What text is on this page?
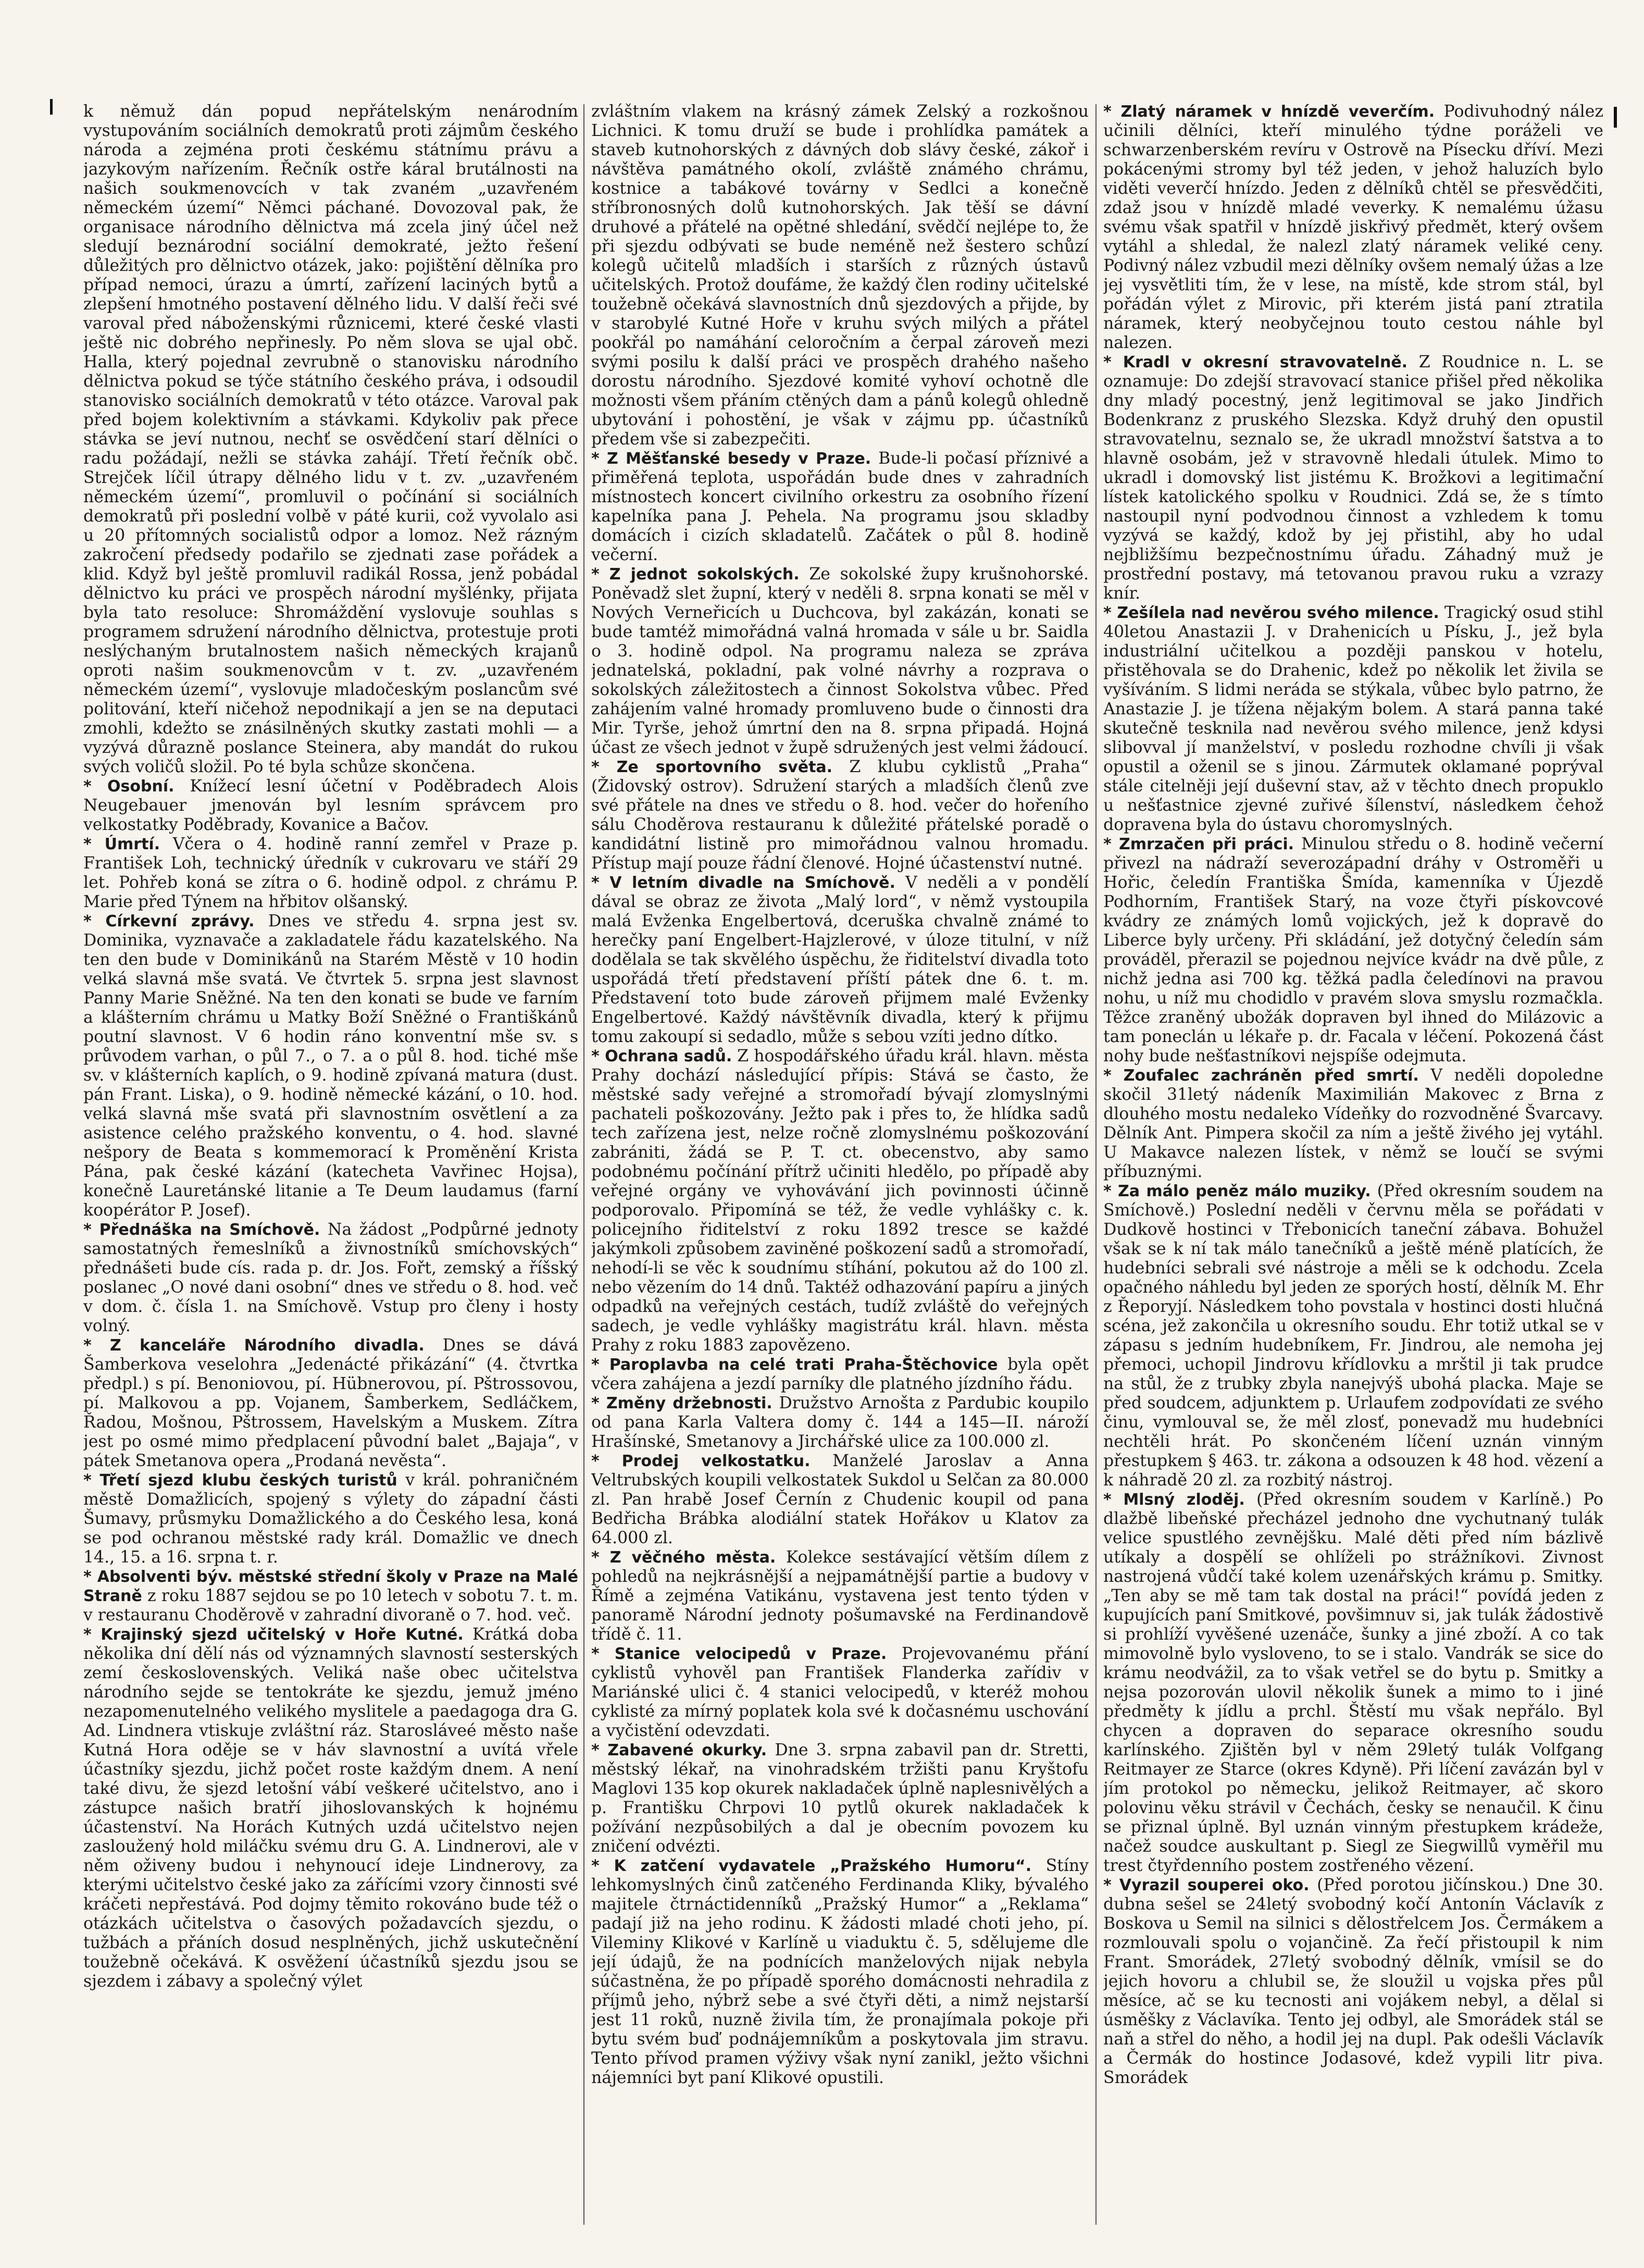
k němuž dán popud nepřátelským nenárodním vystupováním sociálních demokratů proti zájmům českého národa a zejména proti českému státnímu právu a jazykovým nařízením. Řečník ostře káral brutálnosti na našich soukmenovcích v tak zvaném „uzavřeném německém území“ Němci páchané. Dovozoval pak, že organisace národního dělnictva má zcela jiný účel než sledují beznárodní sociální demokraté, ježto řešení důležitých pro dělnictvo otázek, jako: pojištění dělníka pro případ nemoci, úrazu a úmrtí, zařízení laciných bytů a zlepšení hmotného postavení dělného lidu. V další řeči své varoval před náboženskými různicemi, které české vlasti ještě nic dobrého nepřinesly. Po něm slova se ujal obč. Halla, který pojednal zevrubně o stanovisku národního dělnictva pokud se týče státního českého práva, i odsoudil stanovisko sociálních demokratů v této otázce. Varoval pak před bojem kolektivním a stávkami. Kdykoliv pak přece stávka se jeví nutnou, nechť se osvědčení starí dělníci o radu požádají, nežli se stávka zahájí. Třetí řečník obč. Strejček líčil útrapy dělného lidu v t. zv. „uzavřeném německém území“, promluvil o počínání si sociálních demokratů při poslední volbě v páté kurii, což vyvolalo asi u 20 přítomných socialistů odpor a lomoz. Než rázným zakročení předsedy podařilo se zjednati zase pořádek a klid. Když byl ještě promluvil radikál Rossa, jenž pobádal dělnictvo ku práci ve prospěch národní myšlénky, přijata byla tato resoluce: Shromáždění vyslovuje souhlas s programem sdružení národního dělnictva, protestuje proti neslýchaným brutalnostem našich německých krajanů oproti našim soukmenovcům v t. zv. „uzavřeném německém území“, vyslovuje mladočeským poslancům své politování, kteří ničehož nepodnikají a jen se na deputaci zmohli, kdežto se znásilněných skutky zastati mohli — a vyzývá důrazně poslance Steinera, aby mandát do rukou svých voličů složil. Po té byla schůze skončena.

* Osobní. Knížecí lesní účetní v Poděbradech Alois Neugebauer jmenován byl lesním správcem pro velkostatky Poděbrady, Kovanice a Bačov.

* Úmrtí. Včera o 4. hodině ranní zemřel v Praze p. František Loh, technický úředník v cukrovaru ve stáří 29 let. Pohřeb koná se zítra o 6. hodině odpol. z chrámu P. Marie před Týnem na hřbitov olšanský.

* Církevní zprávy. Dnes ve středu 4. srpna jest sv. Dominika, vyznavače a zakladatele řádu kazatelského. Na ten den bude v Dominikánů na Starém Městě v 10 hodin velká slavná mše svatá. Ve čtvrtek 5. srpna jest slavnost Panny Marie Sněžné. Na ten den konati se bude ve farním a klášterním chrámu u Matky Boží Sněžné o Františkánů poutní slavnost. V 6 hodin ráno konventní mše sv. s průvodem varhan, o půl 7., o 7. a o půl 8. hod. tiché mše sv. v klášterních kaplích, o 9. hodině zpívaná matura (dust. pán Frant. Liska), o 9. hodině německé kázání, o 10. hod. velká slavná mše svatá při slavnostním osvětlení a za asistence celého pražského konventu, o 4. hod. slavné nešpory de Beata s kommemorací k Proměnění Krista Pána, pak české kázání (katecheta Vavřinec Hojsa), konečně Lauretánské litanie a Te Deum laudamus (farní koopérátor P. Josef).

* Přednáška na Smíchově. Na žádost „Podpůrné jednoty samostatných řemeslníků a živnostníků smíchovských“ přednášeti bude cís. rada p. dr. Jos. Fořt, zemský a říšský poslanec „O nové dani osobní“ dnes ve středu o 8. hod. več v dom. č. čísla 1. na Smíchově. Vstup pro členy i hosty volný.

* Z kanceláře Národního divadla. Dnes se dává Šamberkova veselohra „Jedenácté přikázání“ (4. čtvrtka předpl.) s pí. Benoniovou, pí. Hübnerovou, pí. Pštrossovou, pí. Malkovou a pp. Vojanem, Šamberkem, Sedláčkem, Řadou, Mošnou, Pštrossem, Havelským a Muskem. Zítra jest po osmé mimo předplacení původní balet „Bajaja“, v pátek Smetanova opera „Prodaná nevěsta“.

* Třetí sjezd klubu českých turistů v král. pohraničném městě Domažlicích, spojený s výlety do západní části Šumavy, průsmyku Domažlického a do Českého lesa, koná se pod ochranou městské rady král. Domažlic ve dnech 14., 15. a 16. srpna t. r.

* Absolventi býv. městské střední školy v Praze na Malé Straně z roku 1887 sejdou se po 10 letech v sobotu 7. t. m. v restauranu Choděrově v zahradní divoraně o 7. hod. več.

* Krajinský sjezd učitelský v Hoře Kutné. Krátká doba několika dní dělí nás od významných slavností sesterských zemí československých. Veliká naše obec učitelstva národního sejde se tentokráte ke sjezdu, jemuž jméno nezapomenutelného velikého myslitele a paedagoga dra G. Ad. Lindnera vtiskuje zvláštní ráz. Starosláveé město naše Kutná Hora oděje se v háv slavnostní a uvítá vřele účastníky sjezdu, jichž počet roste každým dnem. A není také divu, že sjezd letošní vábí veškeré učitelstvo, ano i zástupce našich bratří jihoslovanských k hojnému účastenství. Na Horách Kutných uzdá učitelstvo nejen zasloužený hold miláčku svému dru G. A. Lindnerovi, ale v něm oživeny budou i nehynoucí ideje Lindnerovy, za kterými učitelstvo české jako za zářícími vzory činnosti své kráčeti nepřestává. Pod dojmy těmito rokováno bude též o otázkách učitelstva o časových požadavcích sjezdu, o tužbách a přáních dosud nesplněných, jichž uskutečnění toužebně očekává. K osvěžení účastníků sjezdu jsou se sjezdem i zábavy a společný výlet

zvláštním vlakem na krásný zámek Zelský a rozkošnou Lichnici. K tomu druží se bude i prohlídka památek a staveb kutnohorských z dávných dob slávy české, zákoř i návštěva památného okolí, zvláště známého chrámu, kostnice a tabákové továrny v Sedlci a konečně stříbronosných dolů kutnohorských. Jak těší se dávní druhové a přátelé na opětné shledání, svědčí nejlépe to, že při sjezdu odbývati se bude neméně než šestero schůzí kolegů učitelů mladších i starších z různých ústavů učitelských. Protož doufáme, že každý člen rodiny učitelské toužebně očekává slavnostních dnů sjezdových a přijde, by v starobylé Kutné Hoře v kruhu svých milých a přátel pookřál po namáhání celoročním a čerpal zároveň mezi svými posilu k další práci ve prospěch drahého našeho dorostu národního. Sjezdové komité vyhoví ochotně dle možnosti všem přáním ctěných dam a pánů kolegů ohledně ubytování i pohostění, je však v zájmu pp. účastníků předem vše si zabezpečiti.

* Z Měšťanské besedy v Praze. Bude-li počasí příznivé a přiměřená teplota, uspořádán bude dnes v zahradních místnostech koncert civilního orkestru za osobního řízení kapelníka pana J. Pehela. Na programu jsou skladby domácích i cizích skladatelů. Začátek o půl 8. hodině večerní.

* Z jednot sokolských. Ze sokolské župy krušnohorské. Poněvadž slet župní, který v neděli 8. srpna konati se měl v Nových Verneřicích u Duchcova, byl zakázán, konati se bude tamtéž mimořádná valná hromada v sále u br. Saidla o 3. hodině odpol. Na programu naleza se zpráva jednatelská, pokladní, pak volné návrhy a rozprava o sokolských záležitostech a činnost Sokolstva vůbec. Před zahájením valné hromady promluveno bude o činnosti dra Mir. Tyrše, jehož úmrtní den na 8. srpna připadá. Hojná účast ze všech jednot v župě sdružených jest velmi žádoucí.

* Ze sportovního světa. Z klubu cyklistů „Praha“ (Židovský ostrov). Sdružení starých a mladších členů zve své přátele na dnes ve středu o 8. hod. večer do hořeního sálu Choděrova restauranu k důležité přátelské poradě o kandidátní listině pro mimořádnou valnou hromadu. Přístup mají pouze řádní členové. Hojné účastenství nutné.

* V letním divadle na Smíchově. V neděli a v pondělí dával se obraz ze života „Malý lord“, v němž vystoupila malá Evženka Engelbertová, dceruška chvalně známé to herečky paní Engelbert-Hajzlerové, v úloze titulní, v níž dodělala se tak skvělého úspěchu, že řiditelství divadla toto uspořádá třetí představení příští pátek dne 6. t. m. Představení toto bude zároveň přijmem malé Evženky Engelbertové. Každý návštěvník divadla, který k přijmu tomu zakoupí si sedadlo, může s sebou vzíti jedno dítko.

* Ochrana sadů. Z hospodářského úřadu král. hlavn. města Prahy dochází následující přípis: Stává se často, že městské sady veřejné a stromořadí bývají zlomyslnými pachateli poškozovány. Ježto pak i přes to, že hlídka sadů tech zařízena jest, nelze ročně zlomyslnému poškozování zabrániti, žádá se P. T. ct. obecenstvo, aby samo podobnému počínání přítrž učiniti hledělo, po případě aby veřejné orgány ve vyhovávání jich povinnosti účinně podporovalo. Připomíná se též, že vedle vyhlášky c. k. policejního řiditelství z roku 1892 tresce se každé jakýmkoli způsobem zaviněné poškození sadů a stromořadí, nehodí-li se věc k soudnímu stíhání, pokutou až do 100 zl. nebo vězením do 14 dnů. Taktéž odhazování papíru a jiných odpadků na veřejných cestách, tudíž zvláště do veřejných sadech, je vedle vyhlášky magistrátu král. hlavn. města Prahy z roku 1883 zapovězeno.

* Paroplavba na celé trati Praha-Štěchovice byla opět včera zahájena a jezdí parníky dle platného jízdního řádu.

* Změny držebnosti. Družstvo Arnošta z Pardubic koupilo od pana Karla Valtera domy č. 144 a 145—II. nároží Hrašínské, Smetanovy a Jirchářské ulice za 100.000 zl.

* Prodej velkostatku. Manželé Jaroslav a Anna Veltrubských koupili velkostatek Sukdol u Selčan za 80.000 zl. Pan hrabě Josef Černín z Chudenic koupil od pana Bedřicha Brábka alodiální statek Hořákov u Klatov za 64.000 zl.

* Z věčného města. Kolekce sestávající větším dílem z pohledů na nejkrásnější a nejpamátnější partie a budovy v Římě a zejména Vatikánu, vystavena jest tento týden v panoramě Národní jednoty pošumavské na Ferdinandově třídě č. 11.

* Stanice velocipedů v Praze. Projevovanému přání cyklistů vyhověl pan František Flanderka zařídiv v Mariánské ulici č. 4 stanici velocipedů, v kteréž mohou cyklisté za mírný poplatek kola své k dočasnému uschování a vyčistění odevzdati.

* Zabavené okurky. Dne 3. srpna zabavil pan dr. Stretti, městský lékař, na vinohradském tržišti panu Kryštofu Maglovi 135 kop okurek nakladaček úplně naplesnivělých a p. Františku Chrpovi 10 pytlů okurek nakladaček k požívání nezpůsobilých a dal je obecním povozem ku zničení odvézti.

* K zatčení vydavatele „Pražského Humoru“. Stíny lehkomyslných činů zatčeného Ferdinanda Kliky, bývalého majitele čtrnáctidenníků „Pražský Humor“ a „Reklama“ padají již na jeho rodinu. K žádosti mladé choti jeho, pí. Vileminy Klikové v Karlíně u viaduktu č. 5, sdělujeme dle její údajů, že na podnících manželových nijak nebyla súčastněna, že po případě sporého domácnosti nehradila z příjmů jeho, nýbrž sebe a své čtyři děti, a nimž nejstarší jest 11 roků, nuzně živila tím, že pronajímala pokoje při bytu svém buď podnájemníkům a poskytovala jim stravu. Tento přívod pramen výživy však nyní zanikl, ježto všichni nájemníci byt paní Klikové opustili.

* Zlatý náramek v hnízdě veverčím. Podivuhodný nález učinili dělníci, kteří minulého týdne poráželi ve schwarzenberském revíru v Ostrově na Písecku dříví. Mezi pokácenými stromy byl též jeden, v jehož haluzích bylo viděti veverčí hnízdo. Jeden z dělníků chtěl se přesvědčiti, zdaž jsou v hnízdě mladé veverky. K nemalému úžasu svému však spatřil v hnízdě jiskřivý předmět, který ovšem vytáhl a shledal, že nalezl zlatý náramek veliké ceny. Podivný nález vzbudil mezi dělníky ovšem nemalý úžas a lze jej vysvětliti tím, že v lese, na místě, kde strom stál, byl pořádán výlet z Mirovic, při kterém jistá paní ztratila náramek, který neobyčejnou touto cestou náhle byl nalezen.

* Kradl v okresní stravovatelně. Z Roudnice n. L. se oznamuje: Do zdejší stravovací stanice přišel před několika dny mladý pocestný, jenž legitimoval se jako Jindřich Bodenkranz z pruského Slezska. Když druhý den opustil stravovatelnu, seznalo se, že ukradl množství šatstva a to hlavně osobám, jež v stravovně hledali útulek. Mimo to ukradl i domovský list jistému K. Brožkovi a legitimační lístek katolického spolku v Roudnici. Zdá se, že s tímto nastoupil nyní podvodnou činnost a vzhledem k tomu vyzývá se každý, kdož by jej přistihl, aby ho udal nejbližšímu bezpečnostnímu úřadu. Záhadný muž je prostřední postavy, má tetovanou pravou ruku a vzrazy knír.

* Zešílela nad nevěrou svého milence. Tragický osud stihl 40letou Anastazii J. v Drahenicích u Písku, J., jež byla industriální učitelkou a později panskou v hotelu, přistěhovala se do Drahenic, kdež po několik let živila se vyšíváním. S lidmi neráda se stýkala, vůbec bylo patrno, že Anastazie J. je tížena nějakým bolem. A stará panna také skutečně tesknila nad nevěrou svého milence, jenž kdysi slibovval jí manželství, v posledu rozhodne chvíli ji však opustil a oženil se s jinou. Zármutek oklamané poprýval stále citelněji její duševní stav, až v těchto dnech propuklo u nešťastnice zjevné zuřivé šílenství, následkem čehož dopravena byla do ústavu choromyslných.

* Zmrzačen při práci. Minulou středu o 8. hodině večerní přivezl na nádraží severozápadní dráhy v Ostroměři u Hořic, čeledín Františka Šmída, kamenníka v Újezdě Podhorním, František Starý, na voze čtyři pískovcové kvádry ze známých lomů vojických, jež k dopravě do Liberce byly určeny. Při skládání, jež dotyčný čeledín sám prováděl, přerazil se pojednou nejvíce kvádr na dvě půle, z nichž jedna asi 700 kg. těžká padla čeledínovi na pravou nohu, u níž mu chodidlo v pravém slova smyslu rozmačkla. Těžce zraněný ubožák dopraven byl ihned do Milázovic a tam poneclán u lékaře p. dr. Facala v léčení. Pokozená část nohy bude nešťastníkovi nejspíše odejmuta.

* Zoufalec zachráněn před smrtí. V neděli dopoledne skočil 31letý nádeník Maximilián Makovec z Brna z dlouhého mostu nedaleko Vídeňky do rozvodněné Švarcavy. Dělník Ant. Pimpera skočil za ním a ještě živého jej vytáhl. U Makavce nalezen lístek, v němž se loučí se svými příbuznými.

* Za málo peněz málo muziky. (Před okresním soudem na Smíchově.) Poslední neděli v červnu měla se pořádati v Dudkově hostinci v Třebonicích taneční zábava. Bohužel však se k ní tak málo tanečníků a ještě méně platících, že hudebníci sebrali své nástroje a měli se k odchodu. Zcela opačného náhledu byl jeden ze sporých hostí, dělník M. Ehr z Řeporyjí. Následkem toho povstala v hostinci dosti hlučná scéna, jež zakončila u okresního soudu. Ehr totiž utkal se v zápasu s jedním hudebníkem, Fr. Jindrou, ale nemoha jej přemoci, uchopil Jindrovu křídlovku a mrštil ji tak prudce na stůl, že z trubky zbyla nanejvýš ubohá placka. Maje se před soudcem, adjunktem p. Urlaufem zodpovídati ze svého činu, vymlouval se, že měl zlosť, ponevadž mu hudebníci nechtěli hrát. Po skončeném líčení uznán vinným přestupkem § 463. tr. zákona a odsouzen k 48 hod. vězení a k náhradě 20 zl. za rozbitý nástroj.

* Mlsný zloděj. (Před okresním soudem v Karlíně.) Po dlažbě libeňské přecházel jednoho dne vychutnaný tulák velice spustlého zevnějšku. Malé děti před ním bázlivě utíkaly a dospělí se ohlíželi po strážníkovi. Zivnost nastrojená vůdčí také kolem uzenářských krámu p. Smitky. „Ten aby se mě tam tak dostal na práci!“ povídá jeden z kupujících paní Smitkové, povšimnuv si, jak tulák žádostivě si prohlíží vyvěšené uzenáče, šunky a jiné zboží. A co tak mimovolně bylo vysloveno, to se i stalo. Vandrák se sice do krámu neodvážil, za to však vetřel se do bytu p. Smitky a nejsa pozorován ulovil několik šunek a mimo to i jiné předměty k jídlu a prchl. Štěstí mu však nepřálo. Byl chycen a dopraven do separace okresního soudu karlínského. Zjištěn byl v něm 29letý tulák Volfgang Reitmayer ze Starce (okres Kdyně). Při líčení zavázán byl v jím protokol po německu, jelikož Reitmayer, ač skoro polovinu věku strávil v Čechách, česky se nenaučil. K činu se přiznal úplně. Byl uznán vinným přestupkem krádeže, načež soudce auskultant p. Siegl ze Siegwillů vyměřil mu trest čtyřdenního postem zostřeného vězení.

* Vyrazil souperei oko. (Před porotou jičínskou.) Dne 30. dubna sešel se 24letý svobodný kočí Antonín Václavík z Boskova u Semil na silnici s dělostřelcem Jos. Čermákem a rozmlouvali spolu o vojančině. Za řečí přistoupil k nim Frant. Smorádek, 27letý svobodný dělník, vmísil se do jejich hovoru a chlubil se, že sloužil u vojska přes půl měsíce, ač se ku tecnosti ani vojákem nebyl, a dělal si úsměšky z Václavíka. Tento jej odbyl, ale Smorádek stál se naň a střel do něho, a hodil jej na dupl. Pak odešli Václavík a Čermák do hostince Jodasové, kdež vypili litr piva. Smorádek
